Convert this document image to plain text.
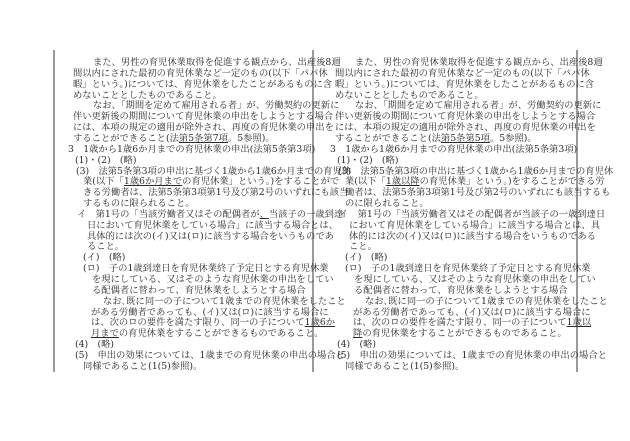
また、男性の育児休業取得を促進する観点から、出産後8週
間以内にされた最初の育児休業など一定のもの(以下「パパ休
暇」という。)については、育児休業をしたことがあるものに含
めないこととしたものであること。
なお、「期間を定めて雇用される者」が、労働契約の更新に
伴い更新後の期間について育児休業の申出をしようとする場合
には、本項の規定の適用が除外され、再度の育児休業の申出を
することができること(法第5条第7項。5参照)。
3　1歳から1歳6か月までの育児休業の申出(法第5条第3項)
(1)・(2)　(略)
(3)　法第5条第3項の申出に基づく1歳から1歳6か月までの育児休
業(以下「1歳6か月までの育児休業」という。)をすることがで
きる労働者は、法第5条第3項第1号及び第2号のいずれにも該当
するものに限られること。
イ　第1号の「当該労働者又はその配偶者が、当該子の一歳到達
日において育児休業をしている場合」に該当する場合とは、
具体的には次の(イ)又は(ロ)に該当する場合をいうものであ
ること。
(イ)　(略)
(ロ)　子の1歳到達日を育児休業終了予定日とする育児休業
を現にしている、又はそのような育児休業の申出をしてい
る配偶者に替わって、育児休業をしようとする場合
なお､既に同一の子について1歳までの育児休業をしたこと
がある労働者であっても、(イ)又は(ロ)に該当する場合に
は、次のロの要件を満たす限り、同一の子について1歳6か
月までの育児休業をすることができるものであること。
(4)　(略)
(5)　申出の効果については、1歳までの育児休業の申出の場合と
同様であること(1(5)参照)。
また、男性の育児休業取得を促進する観点から、出産後8週
間以内にされた最初の育児休業など一定のもの(以下「パパ休
暇」という。)については、育児休業をしたことがあるものに含
めないこととしたものであること。
なお、「期間を定めて雇用される者」が、労働契約の更新に
伴い更新後の期間について育児休業の申出をしようとする場合
には、本項の規定の適用が除外され、再度の育児休業の申出を
することができること(法第5条第5項。5参照)。
3　1歳から1歳6か月までの育児休業の申出(法第5条第3項)
(1)・(2)　(略)
(3)　法第5条第3項の申出に基づく1歳から1歳6か月までの育児休
業(以下「1歳以降の育児休業」という。)をすることができる労
働者は、法第5条第3項第1号及び第2号のいずれにも該当するも
のに限られること。
イ　第1号の「当該労働者又はその配偶者が当該子の一歳到達日
において育児休業をしている場合」に該当する場合とは、具
体的には次の(イ)又は(ロ)に該当する場合をいうものである
こと。
(イ)　(略)
(ロ)　子の1歳到達日を育児休業終了予定日とする育児休業
を現にしている、又はそのような育児休業の申出をしてい
る配偶者に替わって、育児休業をしようとする場合
なお､既に同一の子について1歳までの育児休業をしたこと
がある労働者であっても、(イ)又は(ロ)に該当する場合に
は、次のロの要件を満たす限り、同一の子について1歳以
降の育児休業をすることができるものであること。
(4)　(略)
(5)　申出の効果については、1歳までの育児休業の申出の場合と
同様であること(1(5)参照)。
